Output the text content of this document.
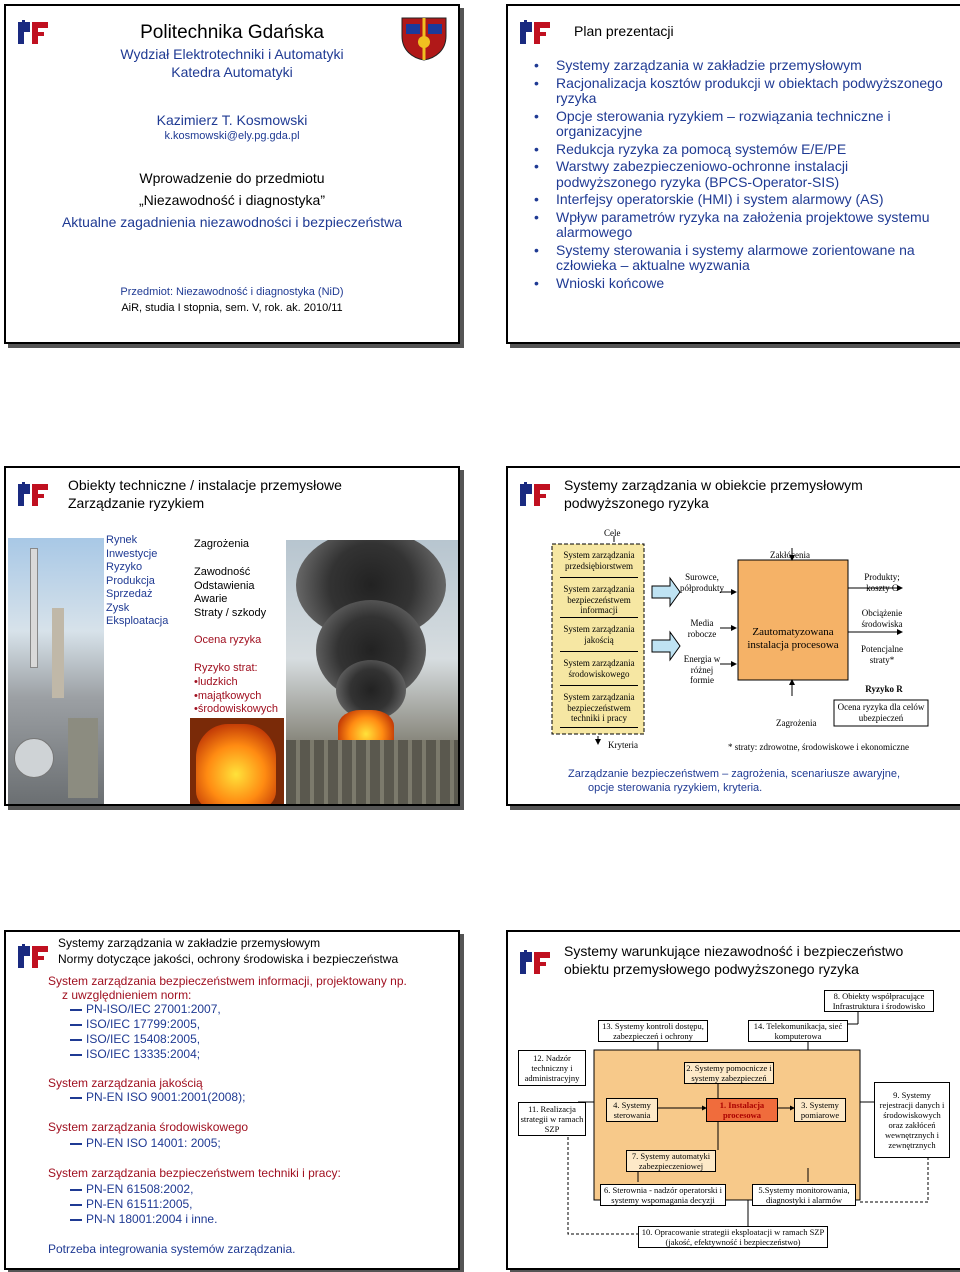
Politechnika Gdańska
Wydział Elektrotechniki i Automatyki
Katedra Automatyki
Kazimierz T. Kosmowski
k.kosmowski@ely.pg.gda.pl
Wprowadzenie do przedmiotu
„Niezawodność i diagnostyka”
Aktualne zagadnienia niezawodności i bezpieczeństwa
Przedmiot: Niezawodność i diagnostyka (NiD)
AiR, studia I stopnia, sem. V, rok. ak. 2010/11
Plan prezentacji
• Systemy zarządzania w zakładzie przemysłowym
• Racjonalizacja kosztów produkcji w obiektach podwyższonego ryzyka
• Opcje sterowania ryzykiem – rozwiązania techniczne i organizacyjne
• Redukcja ryzyka za pomocą systemów E/E/PE
• Warstwy zabezpieczeniowo-ochronne instalacji podwyższonego ryzyka (BPCS-Operator-SIS)
• Interfejsy operatorskie (HMI) i system alarmowy (AS)
• Wpływ parametrów ryzyka na założenia projektowe systemu alarmowego
• Systemy sterowania i systemy alarmowe zorientowane na człowieka – aktualne wyzwania
• Wnioski końcowe
Obiekty techniczne / instalacje przemysłowe
Zarządzanie ryzykiem
Rynek
Inwestycje
Ryzyko
Produkcja
Sprzedaż
Zysk
Eksploatacja
Zagrożenia
Zawodność
Odstawienia
Awarie
Straty / szkody
Ocena ryzyka
Ryzyko strat:
•ludzkich
•majątkowych
•środowiskowych
Systemy zarządzania w obiekcie przemysłowym
podwyższonego ryzyka
Cele
System zarządzania przedsiębiorstwem
System zarządzania bezpieczeństwem informacji
System zarządzania jakością
System zarządzania środowiskowego
System zarządzania bezpieczeństwem techniki i pracy
Kryteria
Surowce, półprodukty
Media robocze
Energia w różnej formie
Zakłócenia
Zautomatyzowana instalacja procesowa
Zagrożenia
Produkty; koszty C
Obciążenie środowiska
Potencjalne straty*
Ryzyko R
Ocena ryzyka dla celów ubezpieczeń
* straty: zdrowotne, środowiskowe i ekonomiczne
Zarządzanie bezpieczeństwem – zagrożenia, scenariusze awaryjne,
opcje sterowania ryzykiem, kryteria.
Systemy zarządzania w zakładzie przemysłowym
Normy dotyczące jakości, ochrony środowiska i bezpieczeństwa
System zarządzania bezpieczeństwem informacji, projektowany np.
z uwzględnieniem norm:
PN-ISO/IEC 27001:2007,
ISO/IEC 17799:2005,
ISO/IEC 15408:2005,
ISO/IEC 13335:2004;
System zarządzania jakością
PN-EN ISO 9001:2001(2008);
System zarządzania środowiskowego
PN-EN ISO 14001: 2005;
System zarządzania bezpieczeństwem techniki i pracy:
PN-EN 61508:2002,
PN-EN 61511:2005,
PN-N 18001:2004 i inne.
Potrzeba integrowania systemów zarządzania.
Systemy warunkujące niezawodność i bezpieczeństwo
obiektu przemysłowego podwyższonego ryzyka
13. Systemy kontroli dostępu, zabezpieczeń i ochrony
14. Telekomunikacja, sieć komputerowa
8. Obiekty współpracujące Infrastruktura i środowisko
12. Nadzór techniczny i administracyjny
11. Realizacja strategii w ramach SZP
2. Systemy pomocnicze i systemy zabezpieczeń
4. Systemy sterowania
1. Instalacja procesowa
3. Systemy pomiarowe
7. Systemy automatyki zabezpieczeniowej
9. Systemy rejestracji danych i środowiskowych oraz zakłóceń wewnętrznych i zewnętrznych
6. Sterownia - nadzór operatorski i systemy wspomagania decyzji
5.Systemy monitorowania, diagnostyki i alarmów
10. Opracowanie strategii eksploatacji w ramach SZP (jakość, efektywność i bezpieczeństwo)
